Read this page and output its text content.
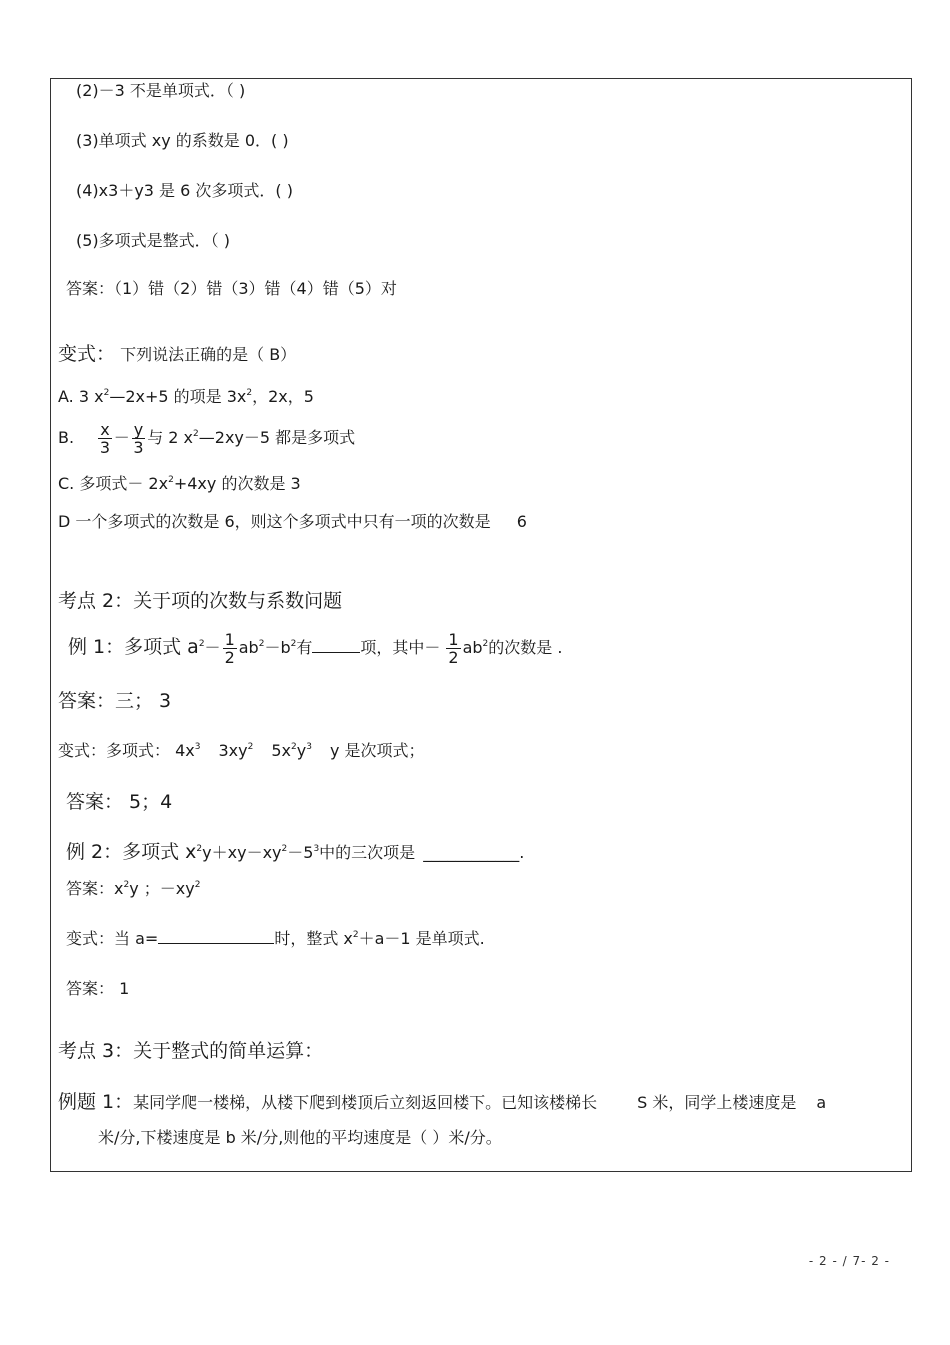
(2)－3 不是单项式．（ )
(3)单项式 xy 的系数是 0．( )
(4)x3＋y3 是 6 次多项式．( )
(5)多项式是整式．（ )
答案：（1）错（2）错（3）错（4）错（5）对
变式： 下列说法正确的是（ B）
A. 3 $x^2—2x+5$ 的项是 $3x^2$，2x，5
B. $\frac{x}{3} - \frac{y}{3}$ 与 2 $x^2—2xy-5$ 都是多项式
C. 多项式－ $2x^2+4xy$ 的次数是 3
D 一个多项式的次数是 6，则这个多项式中只有一项的次数是 6
考点 2：关于项的次数与系数问题
例 1：多项式 $a^2- \frac{1}{2} ab^2-b^2$有	项，其中－ $\frac{1}{2} ab^2$的次数是 .
答案：三； 3
变式：多项式： $4x^3$ $3xy^2$ $5x^2y^3$ y 是次项式；
答案： 5；4
例 2：多项式 $x^2y+xy-xy^2-5^3$中的三次项是 ____________.
答案：$x^2y$ ；$-xy^2$
变式：当 a=	时，整式 $x^2+a-1$ 是单项式.
答案： 1
考点 3：关于整式的简单运算：
例题 1：某同学爬一楼梯，从楼下爬到楼顶后立刻返回楼下。已知该楼梯长	S 米，同学上楼速度是 a
米/分,下楼速度是 b 米/分,则他的平均速度是（ ）米/分。
- 2 - / 7- 2 -
